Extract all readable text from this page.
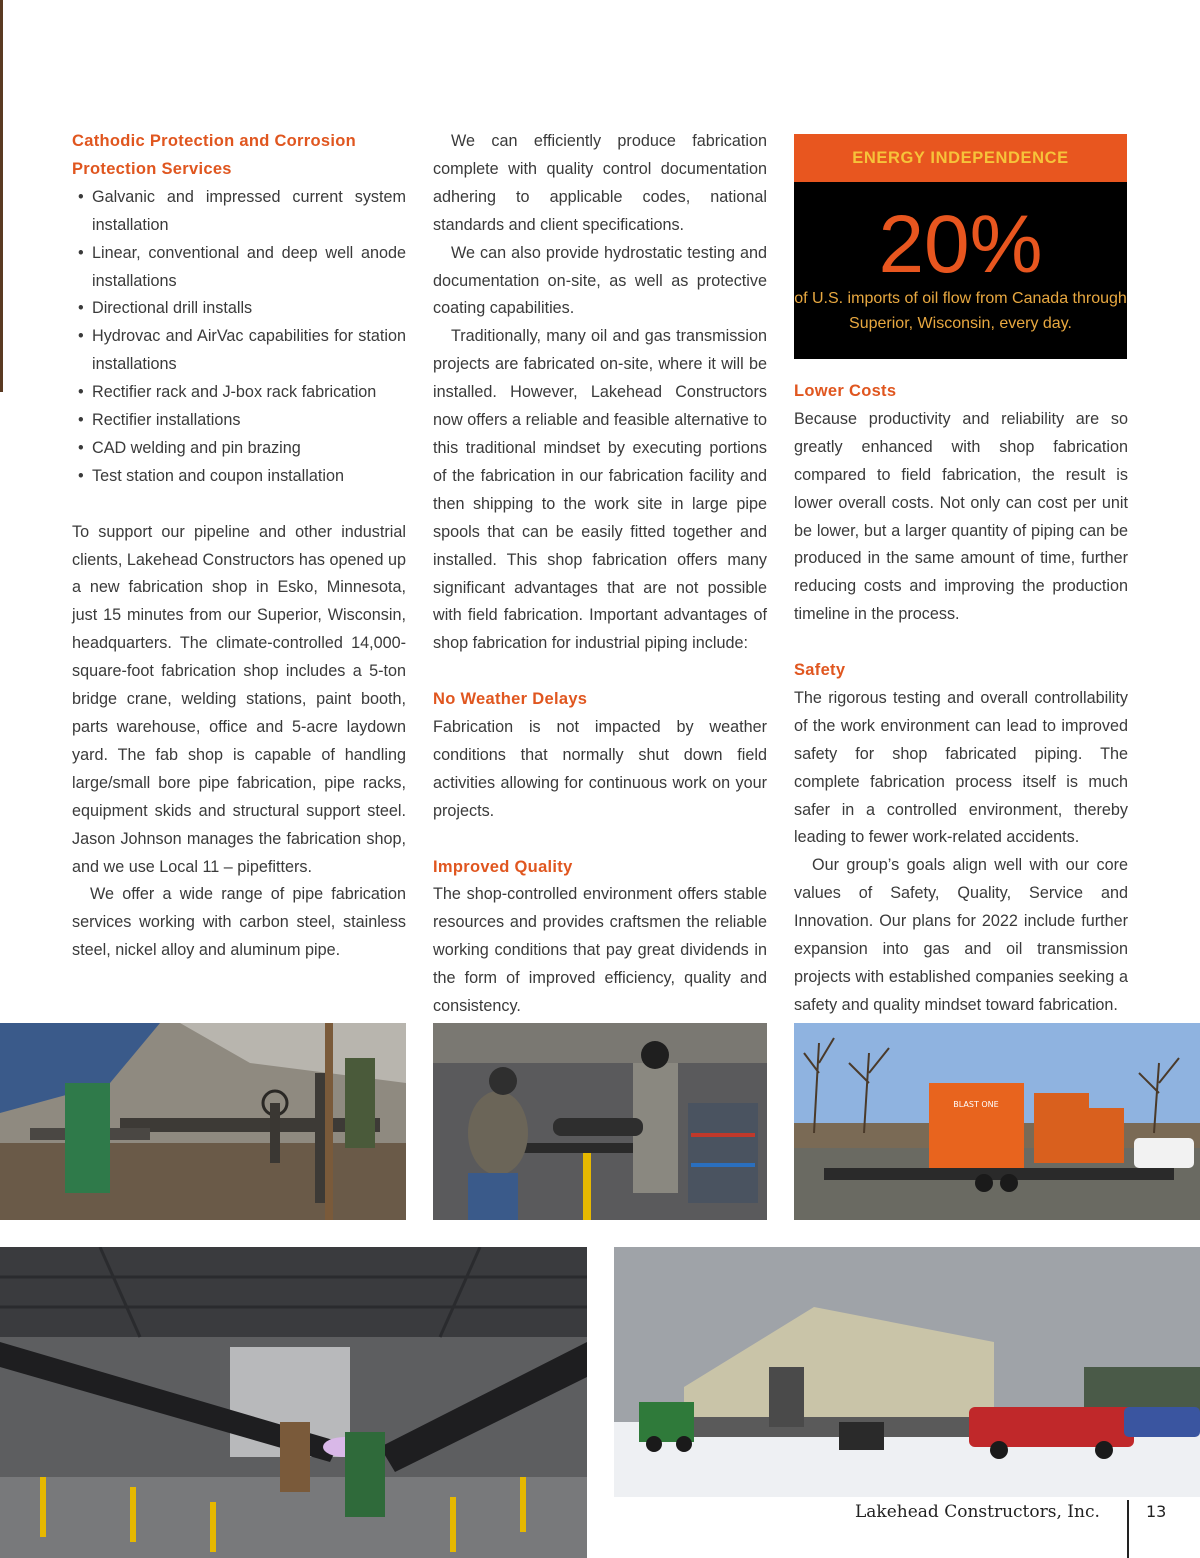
Cathodic Protection and Corrosion Protection Services

• Galvanic and impressed current system installation
• Linear, conventional and deep well anode installations
• Directional drill installs
• Hydrovac and AirVac capabilities for station installations
• Rectifier rack and J-box rack fabrication
• Rectifier installations
• CAD welding and pin brazing
• Test station and coupon installation

To support our pipeline and other industrial clients, Lakehead Constructors has opened up a new fabrication shop in Esko, Minnesota, just 15 minutes from our Superior, Wisconsin, headquarters. The climate-controlled 14,000-square-foot fabrication shop includes a 5-ton bridge crane, welding stations, paint booth, parts warehouse, office and 5-acre laydown yard. The fab shop is capable of handling large/small bore pipe fabrication, pipe racks, equipment skids and structural support steel. Jason Johnson manages the fabrication shop, and we use Local 11 – pipefitters.

We offer a wide range of pipe fabrication services working with carbon steel, stainless steel, nickel alloy and aluminum pipe.

We can efficiently produce fabrication complete with quality control documentation adhering to applicable codes, national standards and client specifications.

We can also provide hydrostatic testing and documentation on-site, as well as protective coating capabilities.

Traditionally, many oil and gas transmission projects are fabricated on-site, where it will be installed. However, Lakehead Constructors now offers a reliable and feasible alternative to this traditional mindset by executing portions of the fabrication in our fabrication facility and then shipping to the work site in large pipe spools that can be easily fitted together and installed. This shop fabrication offers many significant advantages that are not possible with field fabrication. Important advantages of shop fabrication for industrial piping include:

No Weather Delays

Fabrication is not impacted by weather conditions that normally shut down field activities allowing for continuous work on your projects.

Improved Quality

The shop-controlled environment offers stable resources and provides craftsmen the reliable working conditions that pay great dividends in the form of improved efficiency, quality and consistency.

ENERGY INDEPENDENCE
20%
of U.S. imports of oil flow from Canada through Superior, Wisconsin, every day.

Lower Costs

Because productivity and reliability are so greatly enhanced with shop fabrication compared to field fabrication, the result is lower overall costs. Not only can cost per unit be lower, but a larger quantity of piping can be produced in the same amount of time, further reducing costs and improving the production timeline in the process.

Safety

The rigorous testing and overall controllability of the work environment can lead to improved safety for shop fabricated piping. The complete fabrication process itself is much safer in a controlled environment, thereby leading to fewer work-related accidents.

Our group’s goals align well with our core values of Safety, Quality, Service and Innovation. Our plans for 2022 include further expansion into gas and oil transmission projects with established companies seeking a safety and quality mindset toward fabrication.

BLAST ONE
Lakehead Constructors, Inc.	13
